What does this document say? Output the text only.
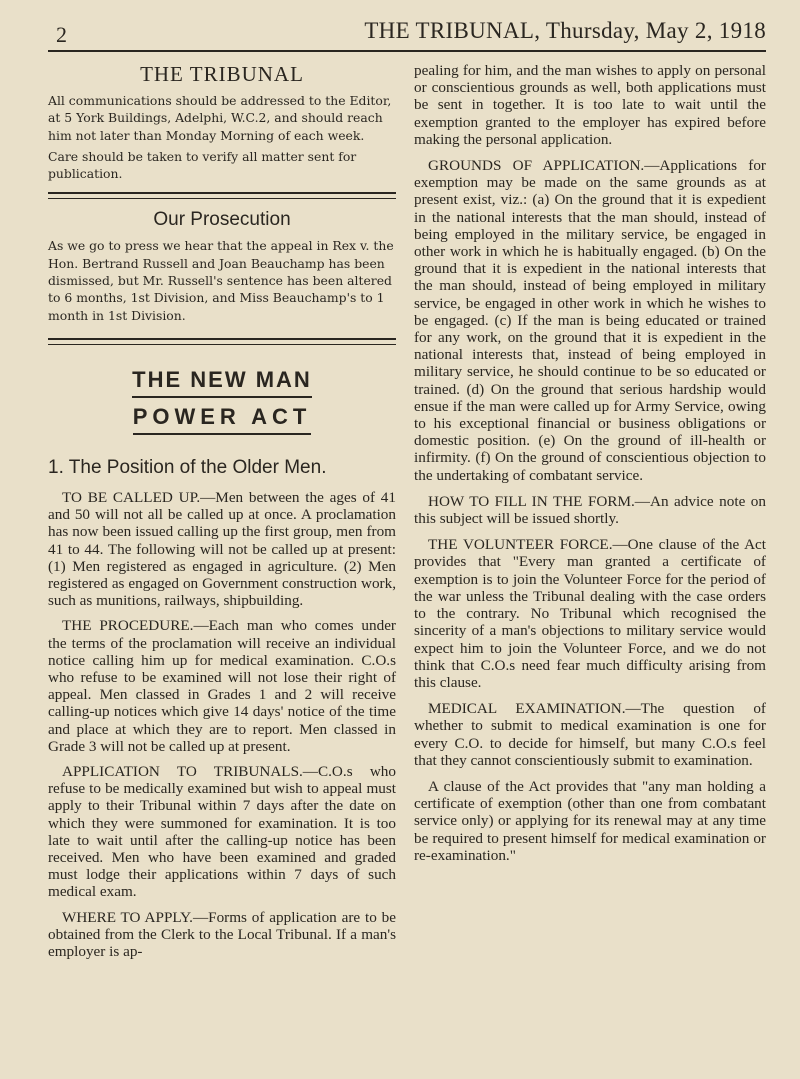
2	THE TRIBUNAL, Thursday, May 2, 1918
THE TRIBUNAL

All communications should be addressed to the Editor, at 5 York Buildings, Adelphi, W.C.2, and should reach him not later than Monday Morning of each week.

Care should be taken to verify all matter sent for publication.

Our Prosecution

As we go to press we hear that the appeal in Rex v. the Hon. Bertrand Russell and Joan Beauchamp has been dismissed, but Mr. Russell's sentence has been altered to 6 months, 1st Division, and Miss Beauchamp's to 1 month in 1st Division.

THE NEW MAN
POWER ACT
1. The Position of the Older Men.

TO BE CALLED UP.—Men between the ages of 41 and 50 will not all be called up at once. A proclamation has now been issued calling up the first group, men from 41 to 44. The following will not be called up at present: (1) Men registered as engaged in agriculture. (2) Men registered as engaged on Government construction work, such as munitions, railways, shipbuilding.

THE PROCEDURE.—Each man who comes under the terms of the proclamation will receive an individual notice calling him up for medical examination. C.O.s who refuse to be examined will not lose their right of appeal. Men classed in Grades 1 and 2 will receive calling-up notices which give 14 days' notice of the time and place at which they are to report. Men classed in Grade 3 will not be called up at present.

APPLICATION TO TRIBUNALS.—C.O.s who refuse to be medically examined but wish to appeal must apply to their Tribunal within 7 days after the date on which they were summoned for examination. It is too late to wait until after the calling-up notice has been received. Men who have been examined and graded must lodge their applications within 7 days of such medical exam.

WHERE TO APPLY.—Forms of application are to be obtained from the Clerk to the Local Tribunal. If a man's employer is ap-

pealing for him, and the man wishes to apply on personal or conscientious grounds as well, both applications must be sent in together. It is too late to wait until the exemption granted to the employer has expired before making the personal application.

GROUNDS OF APPLICATION.—Applications for exemption may be made on the same grounds as at present exist, viz.: (a) On the ground that it is expedient in the national interests that the man should, instead of being employed in the military service, be engaged in other work in which he is habitually engaged. (b) On the ground that it is expedient in the national interests that the man should, instead of being employed in military service, be engaged in other work in which he wishes to be engaged. (c) If the man is being educated or trained for any work, on the ground that it is expedient in the national interests that, instead of being employed in military service, he should continue to be so educated or trained. (d) On the ground that serious hardship would ensue if the man were called up for Army Service, owing to his exceptional financial or business obligations or domestic position. (e) On the ground of ill-health or infirmity. (f) On the ground of conscientious objection to the undertaking of combatant service.

HOW TO FILL IN THE FORM.—An advice note on this subject will be issued shortly.

THE VOLUNTEER FORCE.—One clause of the Act provides that "Every man granted a certificate of exemption is to join the Volunteer Force for the period of the war unless the Tribunal dealing with the case orders to the contrary. No Tribunal which recognised the sincerity of a man's objections to military service would expect him to join the Volunteer Force, and we do not think that C.O.s need fear much difficulty arising from this clause.

MEDICAL EXAMINATION.—The question of whether to submit to medical examination is one for every C.O. to decide for himself, but many C.O.s feel that they cannot conscientiously submit to examination.

A clause of the Act provides that "any man holding a certificate of exemption (other than one from combatant service only) or applying for its renewal may at any time be required to present himself for medical examination or re-examination."
